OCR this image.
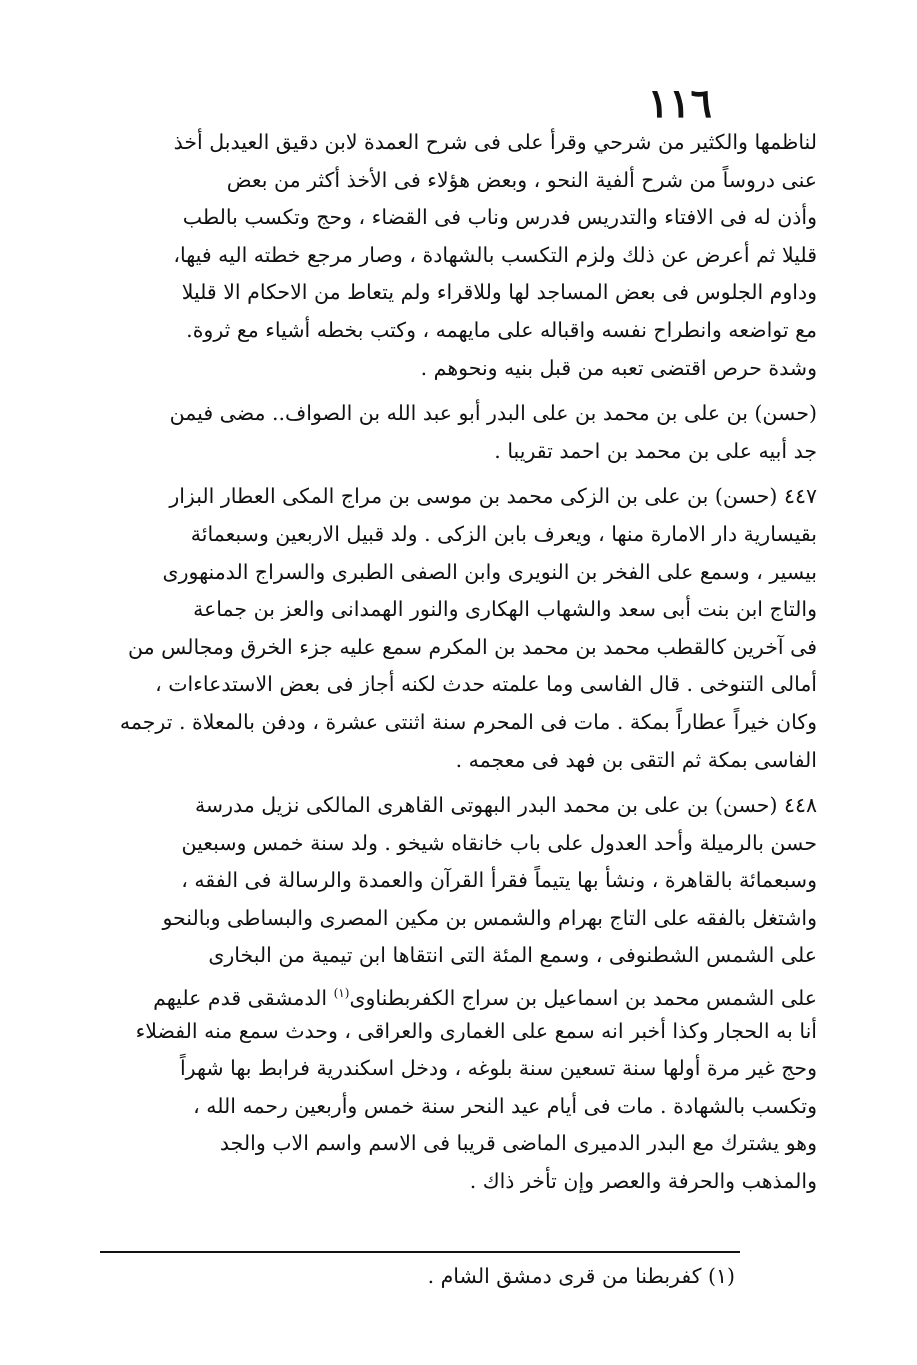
١١٦
لناظمها والكثير من شرحي وقرأ على فى شرح العمدة لابن دقيق العيدبل أخذ
عنى دروساً من شرح ألفية النحو ، وبعض هؤلاء فى الأخذ أكثر من بعض
وأذن له فى الافتاء والتدريس فدرس وناب فى القضاء ، وحج وتكسب بالطب
قليلا ثم أعرض عن ذلك ولزم التكسب بالشهادة ، وصار مرجع خطته اليه فيها،
وداوم الجلوس فى بعض المساجد لها وللاقراء ولم يتعاط من الاحكام الا قليلا
مع تواضعه وانطراح نفسه واقباله على مايهمه ، وكتب بخطه أشياء مع ثروة.
وشدة حرص اقتضى تعبه من قبل بنيه ونحوهم .
(حسن) بن على بن محمد بن على البدر أبو عبد الله بن الصواف.. مضى فيمن
جد أبيه على بن محمد بن احمد تقريبا .
٤٤٧ (حسن) بن على بن الزكى محمد بن موسى بن مراج المكى العطار البزار
بقيسارية دار الامارة منها ، ويعرف بابن الزكى . ولد قبيل الاربعين وسبعمائة
بيسير ، وسمع على الفخر بن النويرى وابن الصفى الطبرى والسراج الدمنهورى
والتاج ابن بنت أبى سعد والشهاب الهكارى والنور الهمدانى والعز بن جماعة
فى آخرين كالقطب محمد بن محمد بن المكرم سمع عليه جزء الخرق ومجالس من
أمالى التنوخى . قال الفاسى وما علمته حدث لكنه أجاز فى بعض الاستدعاءات ،
وكان خيراً عطاراً بمكة . مات فى المحرم سنة اثنتى عشرة ، ودفن بالمعلاة . ترجمه
الفاسى بمكة ثم التقى بن فهد فى معجمه .
٤٤٨ (حسن) بن على بن محمد البدر البهوتى القاهرى المالكى نزيل مدرسة
حسن بالرميلة وأحد العدول على باب خانقاه شيخو . ولد سنة خمس وسبعين
وسبعمائة بالقاهرة ، ونشأ بها يتيماً فقرأ القرآن والعمدة والرسالة فى الفقه ،
واشتغل بالفقه على التاج بهرام والشمس بن مكين المصرى والبساطى وبالنحو
على الشمس الشطنوفى ، وسمع المئة التى انتقاها ابن تيمية من البخارى
على الشمس محمد بن اسماعيل بن سراج الكفربطناوى$^{(١)}$ الدمشقى قدم عليهم
أنا به الحجار وكذا أخبر انه سمع على الغمارى والعراقى ، وحدث سمع منه الفضلاء
وحج غير مرة أولها سنة تسعين سنة بلوغه ، ودخل اسكندرية فرابط بها شهراً
وتكسب بالشهادة . مات فى أيام عيد النحر سنة خمس وأربعين رحمه الله ،
وهو يشترك مع البدر الدميرى الماضى قريبا فى الاسم واسم الاب والجد
والمذهب والحرفة والعصر وإن تأخر ذاك .
(١) كفربطنا من قرى دمشق الشام .
